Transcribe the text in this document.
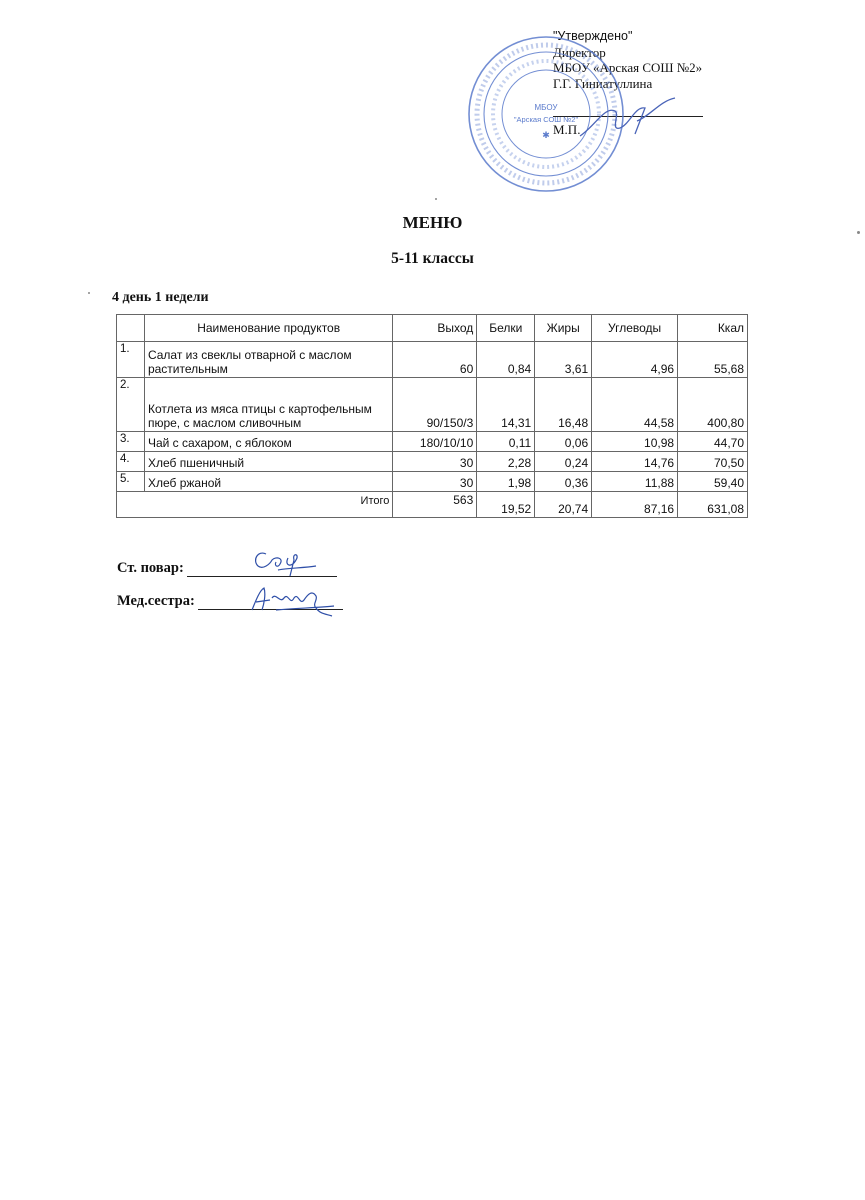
"Утверждено"
Директор
МБОУ «Арская СОШ №2»
Г.Г. Гиниатуллина
М.П.
МБОУ
"Арская СОШ №2"
✱
МЕНЮ
5-11 классы
4 день 1 недели
	Наименование продуктов	Выход	Белки	Жиры	Углеводы	Ккал
1.	Салат из свеклы отварной с маслом растительным	60	0,84	3,61	4,96	55,68
2.	Котлета из мяса птицы с картофельным пюре, с маслом сливочным	90/150/3	14,31	16,48	44,58	400,80
3.	Чай с сахаром, с яблоком	180/10/10	0,11	0,06	10,98	44,70
4.	Хлеб пшеничный	30	2,28	0,24	14,76	70,50
5.	Хлеб ржаной	30	1,98	0,36	11,88	59,40
Итого		563	19,52	20,74	87,16	631,08
Ст. повар:
Мед.сестра:
